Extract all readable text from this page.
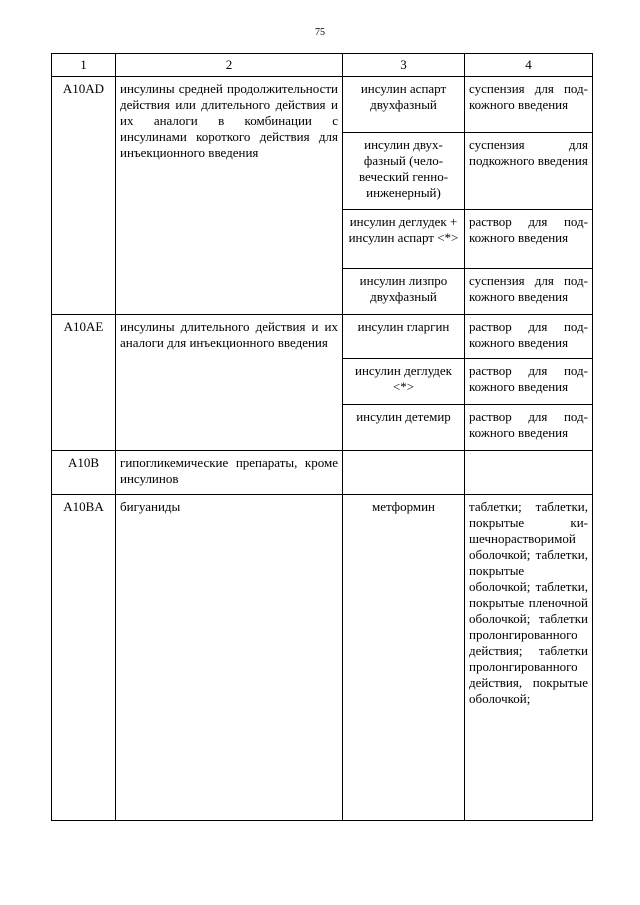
75
1	2	3	4
A10AD	инсулины средней продолжительности действия или длительного действия и их аналоги в комбинации с инсулинами короткого действия для инъекционного введения	инсулин аспарт двухфазный	суспензия для подкожного введения
		инсулин двухфазный (человеческий генноинженерный)	суспензия для подкожного введения
		инсулин деглудек + инсулин аспарт <*>	раствор для подкожного введения
		инсулин лизпро двухфазный	суспензия для подкожного введения
A10AE	инсулины длительного действия и их аналоги для инъекционного введения	инсулин гларгин	раствор для подкожного введения
		инсулин деглудек <*>	раствор для подкожного введения
		инсулин детемир	раствор для подкожного введения
A10B	гипогликемические препараты, кроме инсулинов		
A10BA	бигуаниды	метформин	таблетки; таблетки, покрытые кишечнорастворимой оболочкой; таблетки, покрытые оболочкой; таблетки, покрытые пленочной оболочкой; таблетки пролонгированного действия; таблетки пролонгированного действия, покрытые оболочкой;
